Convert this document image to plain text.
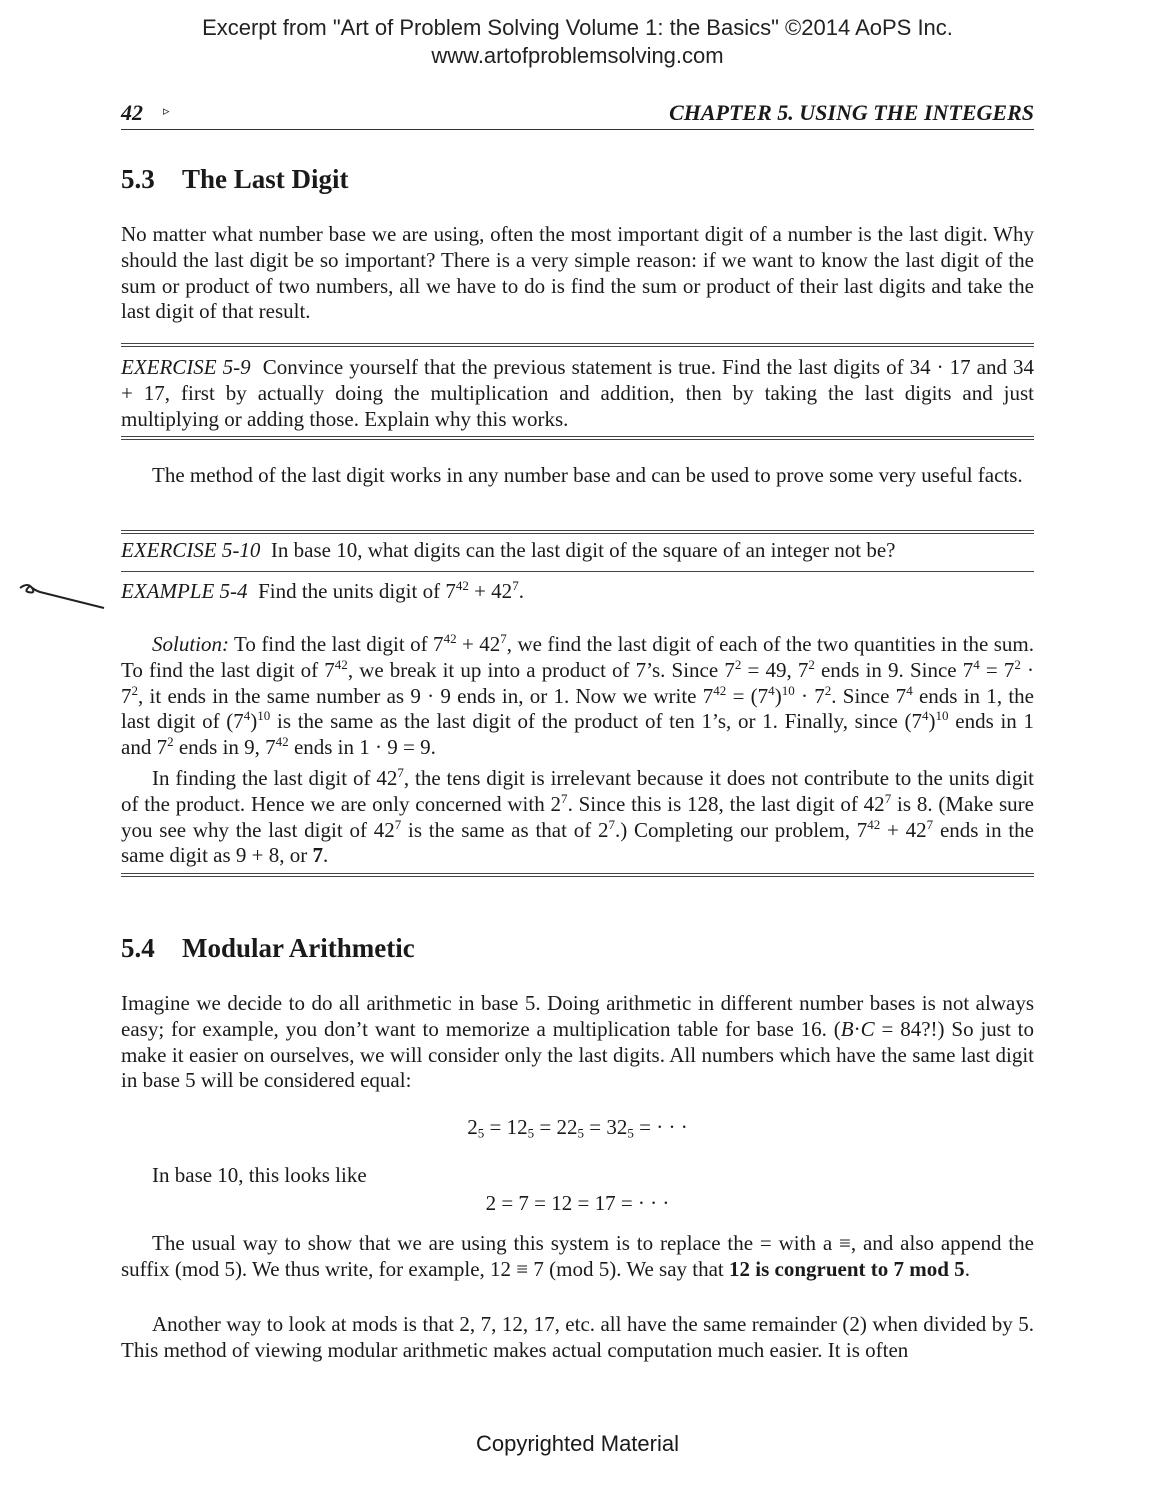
Excerpt from "Art of Problem Solving Volume 1: the Basics" ©2014 AoPS Inc.
www.artofproblemsolving.com
42 ▹	CHAPTER 5. USING THE INTEGERS
5.3 The Last Digit
No matter what number base we are using, often the most important digit of a number is the last digit. Why should the last digit be so important? There is a very simple reason: if we want to know the last digit of the sum or product of two numbers, all we have to do is find the sum or product of their last digits and take the last digit of that result.
EXERCISE 5-9 Convince yourself that the previous statement is true. Find the last digits of 34 · 17 and 34 + 17, first by actually doing the multiplication and addition, then by taking the last digits and just multiplying or adding those. Explain why this works.
The method of the last digit works in any number base and can be used to prove some very useful facts.
EXERCISE 5-10 In base 10, what digits can the last digit of the square of an integer not be?
EXAMPLE 5-4 Find the units digit of $7^{42} + 42^7$.
Solution: To find the last digit of $7^{42} + 42^7$, we find the last digit of each of the two quantities in the sum. To find the last digit of $7^{42}$, we break it up into a product of 7’s. Since $7^2 = 49$, $7^2$ ends in 9. Since $7^4 = 7^2 \cdot 7^2$, it ends in the same number as 9 · 9 ends in, or 1. Now we write $7^{42} = (7^4)^{10} \cdot 7^2$. Since $7^4$ ends in 1, the last digit of $(7^4)^{10}$ is the same as the last digit of the product of ten 1’s, or 1. Finally, since $(7^4)^{10}$ ends in 1 and $7^2$ ends in 9, $7^{42}$ ends in 1 · 9 = 9.
In finding the last digit of $42^7$, the tens digit is irrelevant because it does not contribute to the units digit of the product. Hence we are only concerned with $2^7$. Since this is 128, the last digit of $42^7$ is 8. (Make sure you see why the last digit of $42^7$ is the same as that of $2^7$.) Completing our problem, $7^{42} + 42^7$ ends in the same digit as 9 + 8, or 7.
5.4 Modular Arithmetic
Imagine we decide to do all arithmetic in base 5. Doing arithmetic in different number bases is not always easy; for example, you don’t want to memorize a multiplication table for base 16. (B·C = 84?!) So just to make it easier on ourselves, we will consider only the last digits. All numbers which have the same last digit in base 5 will be considered equal:
$2_5 = 12_5 = 22_5 = 32_5$ = · · ·
In base 10, this looks like
2 = 7 = 12 = 17 = · · ·
The usual way to show that we are using this system is to replace the = with a ≡, and also append the suffix (mod 5). We thus write, for example, 12 ≡ 7 (mod 5). We say that 12 is congruent to 7 mod 5.
Another way to look at mods is that 2, 7, 12, 17, etc. all have the same remainder (2) when divided by 5. This method of viewing modular arithmetic makes actual computation much easier. It is often
Copyrighted Material
